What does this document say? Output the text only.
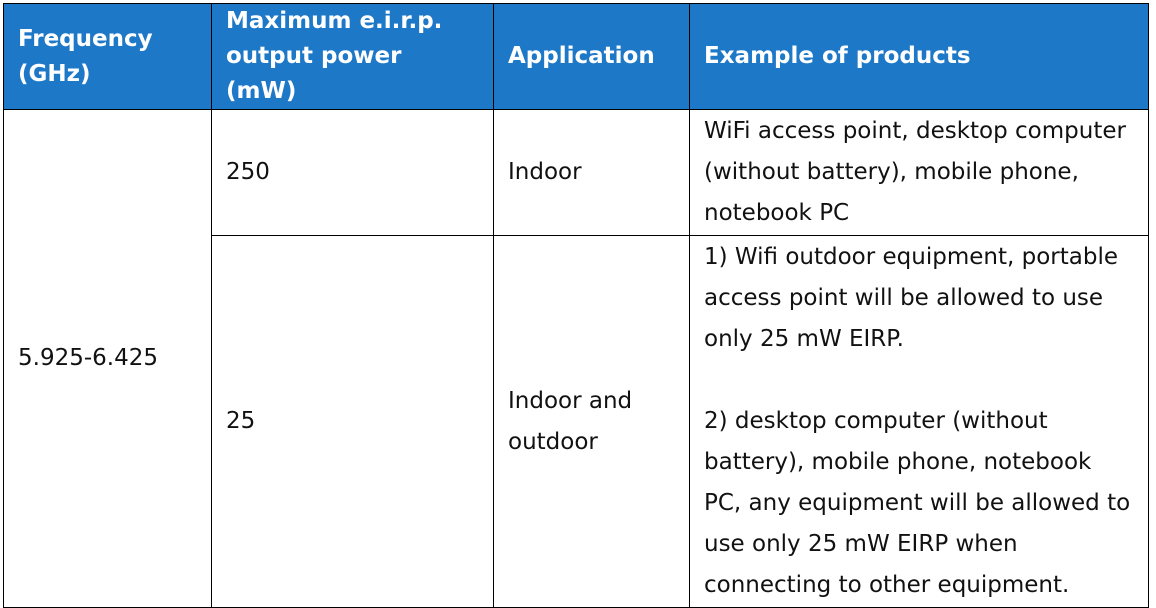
Frequency (GHz)	Maximum e.i.r.p. output power (mW)	Application	Example of products
5.925-6.425	250	Indoor	WiFi access point, desktop computer (without battery), mobile phone, notebook PC

	25	Indoor and outdoor	1) Wifi outdoor equipment, portable access point will be allowed to use only 25 mW EIRP.
2) desktop computer (without battery), mobile phone, notebook PC, any equipment will be allowed to use only 25 mW EIRP when connecting to other equipment.
